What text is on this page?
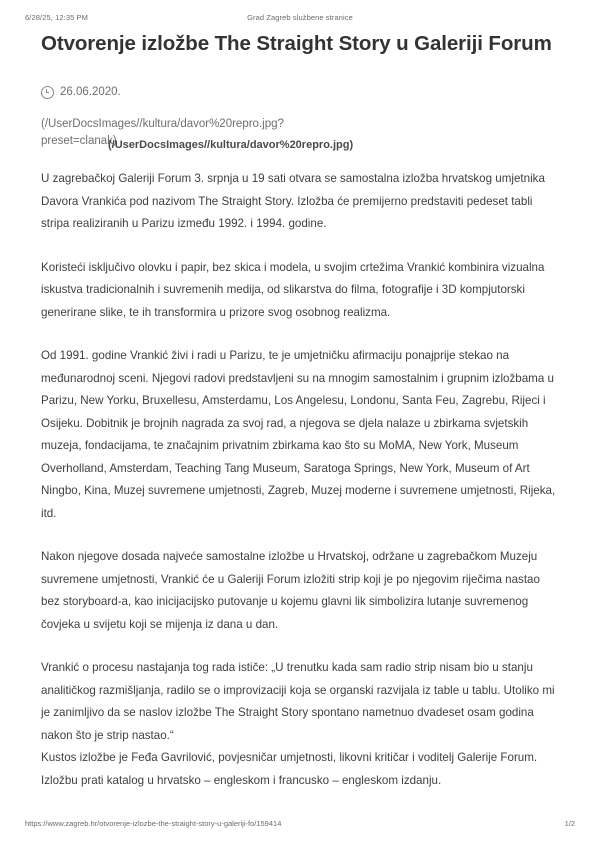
6/28/25, 12:35 PM	Grad Zagreb službene stranice
Otvorenje izložbe The Straight Story u Galeriji Forum
26.06.2020.
(/UserDocsImages//kultura/davor%20repro.jpg?
preset=clanak)
(/UserDocsImages//kultura/davor%20repro.jpg)

U zagrebačkoj Galeriji Forum 3. srpnja u 19 sati otvara se samostalna izložba hrvatskog umjetnika Davora Vrankića pod nazivom The Straight Story. Izložba će premijerno predstaviti pedeset tabli stripa realiziranih u Parizu između 1992. i 1994. godine.

Koristeći isključivo olovku i papir, bez skica i modela, u svojim crtežima Vrankić kombinira vizualna iskustva tradicionalnih i suvremenih medija, od slikarstva do filma, fotografije i 3D kompjutorski generirane slike, te ih transformira u prizore svog osobnog realizma.

Od 1991. godine Vrankić živi i radi u Parizu, te je umjetničku afirmaciju ponajprije stekao na međunarodnoj sceni. Njegovi radovi predstavljeni su na mnogim samostalnim i grupnim izložbama u Parizu, New Yorku, Bruxellesu, Amsterdamu, Los Angelesu, Londonu, Santa Feu, Zagrebu, Rijeci i Osijeku. Dobitnik je brojnih nagrada za svoj rad, a njegova se djela nalaze u zbirkama svjetskih muzeja, fondacijama, te značajnim privatnim zbirkama kao što su MoMA, New York, Museum Overholland, Amsterdam, Teaching Tang Museum, Saratoga Springs, New York, Museum of Art Ningbo, Kina, Muzej suvremene umjetnosti, Zagreb, Muzej moderne i suvremene umjetnosti, Rijeka, itd.

Nakon njegove dosada najveće samostalne izložbe u Hrvatskoj, održane u zagrebačkom Muzeju suvremene umjetnosti, Vrankić će u Galeriji Forum izložiti strip koji je po njegovim riječima nastao bez storyboard-a, kao inicijacijsko putovanje u kojemu glavni lik simbolizira lutanje suvremenog čovjeka u svijetu koji se mijenja iz dana u dan.

Vrankić o procesu nastajanja tog rada ističe: „U trenutku kada sam radio strip nisam bio u stanju analitičkog razmišljanja, radilo se o improvizaciji koja se organski razvijala iz table u tablu. Utoliko mi je zanimljivo da se naslov izložbe The Straight Story spontano nametnuo dvadeset osam godina nakon što je strip nastao.“

Kustos izložbe je Feđa Gavrilović, povjesničar umjetnosti, likovni kritičar i voditelj Galerije Forum.

Izložbu prati katalog u hrvatsko – engleskom i francusko – engleskom izdanju.

https://www.zagreb.hr/otvorenje-izlozbe-the-straight-story-u-galeriji-fo/159414	1/2
